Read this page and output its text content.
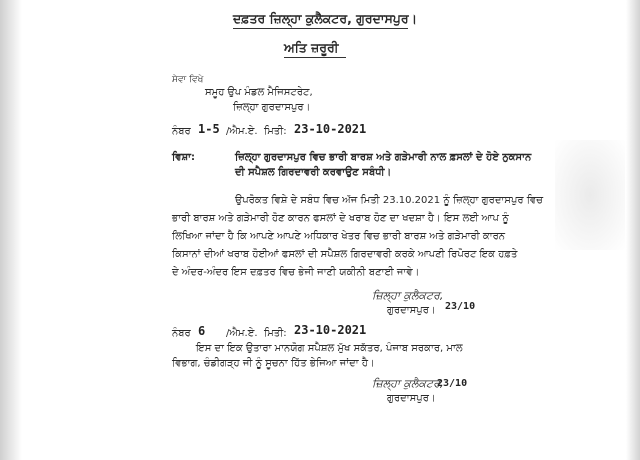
ਦਫ਼ਤਰ ਜ਼ਿਲ੍ਹਾ ਕੁਲੈਕਟਰ, ਗੁਰਦਾਸਪੁਰ।
ਅਤਿ ਜ਼ਰੂਰੀ
ਸੇਵਾ ਵਿਖੇ
ਸਮੂਹ ਉਪ ਮੰਡਲ ਮੈਜਿਸਟਰੇਟ,
ਜ਼ਿਲ੍ਹਾ ਗੁਰਦਾਸਪੁਰ।
ਨੰਬਰ 1-5 /ਐਮ.ਏ. ਮਿਤੀ: 23-10-2021
ਵਿਸ਼ਾ:	ਜ਼ਿਲ੍ਹਾ ਗੁਰਦਾਸਪੁਰ ਵਿਚ ਭਾਰੀ ਬਾਰਸ਼ ਅਤੇ ਗੜੇਮਾਰੀ ਨਾਲ ਫ਼ਸਲਾਂ ਦੇ ਹੋਏ ਨੁਕਸਾਨ
ਦੀ ਸਪੈਸ਼ਲ ਗਿਰਦਾਵਰੀ ਕਰਵਾਉਣ ਸਬੰਧੀ।
ਉਪਰੋਕਤ ਵਿਸ਼ੇ ਦੇ ਸਬੰਧ ਵਿਚ ਅੱਜ ਮਿਤੀ 23.10.2021 ਨੂੰ ਜ਼ਿਲ੍ਹਾ ਗੁਰਦਾਸਪੁਰ ਵਿਚ
ਭਾਰੀ ਬਾਰਸ਼ ਅਤੇ ਗੜੇਮਾਰੀ ਹੋਣ ਕਾਰਨ ਫਸਲਾਂ ਦੇ ਖਰਾਬ ਹੋਣ ਦਾ ਖਦਸ਼ਾ ਹੈ। ਇਸ ਲਈ ਆਪ ਨੂੰ
ਲਿਖਿਆ ਜਾਂਦਾ ਹੈ ਕਿ ਆਪਣੇ ਆਪਣੇ ਅਧਿਕਾਰ ਖੇਤਰ ਵਿਚ ਭਾਰੀ ਬਾਰਸ਼ ਅਤੇ ਗੜੇਮਾਰੀ ਕਾਰਨ
ਕਿਸਾਨਾਂ ਦੀਆਂ ਖਰਾਬ ਹੋਈਆਂ ਫਸਲਾਂ ਦੀ ਸਪੈਸ਼ਲ ਗਿਰਦਾਵਰੀ ਕਰਕੇ ਆਪਣੀ ਰਿਪੋਰਟ ਇਕ ਹਫ਼ਤੇ
ਦੇ ਅੰਦਰ-ਅੰਦਰ ਇਸ ਦਫ਼ਤਰ ਵਿਚ ਭੇਜੀ ਜਾਣੀ ਯਕੀਨੀ ਬਣਾਈ ਜਾਵੇ।
ਜ਼ਿਲ੍ਹਾ ਕੁਲੈਕਟਰ,
ਗੁਰਦਾਸਪੁਰ। 23/10
ਨੰਬਰ 6 /ਐਮ.ਏ. ਮਿਤੀ: 23-10-2021
ਇਸ ਦਾ ਇਕ ਉਤਾਰਾ ਮਾਨਯੋਗ ਸਪੈਸ਼ਲ ਮੁੱਖ ਸਕੱਤਰ, ਪੰਜਾਬ ਸਰਕਾਰ, ਮਾਲ
ਵਿਭਾਗ, ਚੰਡੀਗੜ੍ਹ ਜੀ ਨੂੰ ਸੂਚਨਾ ਹਿੱਤ ਭੇਜਿਆ ਜਾਂਦਾ ਹੈ।
ਜ਼ਿਲ੍ਹਾ ਕੁਲੈਕਟਰ,
ਗੁਰਦਾਸਪੁਰ।
23/10
